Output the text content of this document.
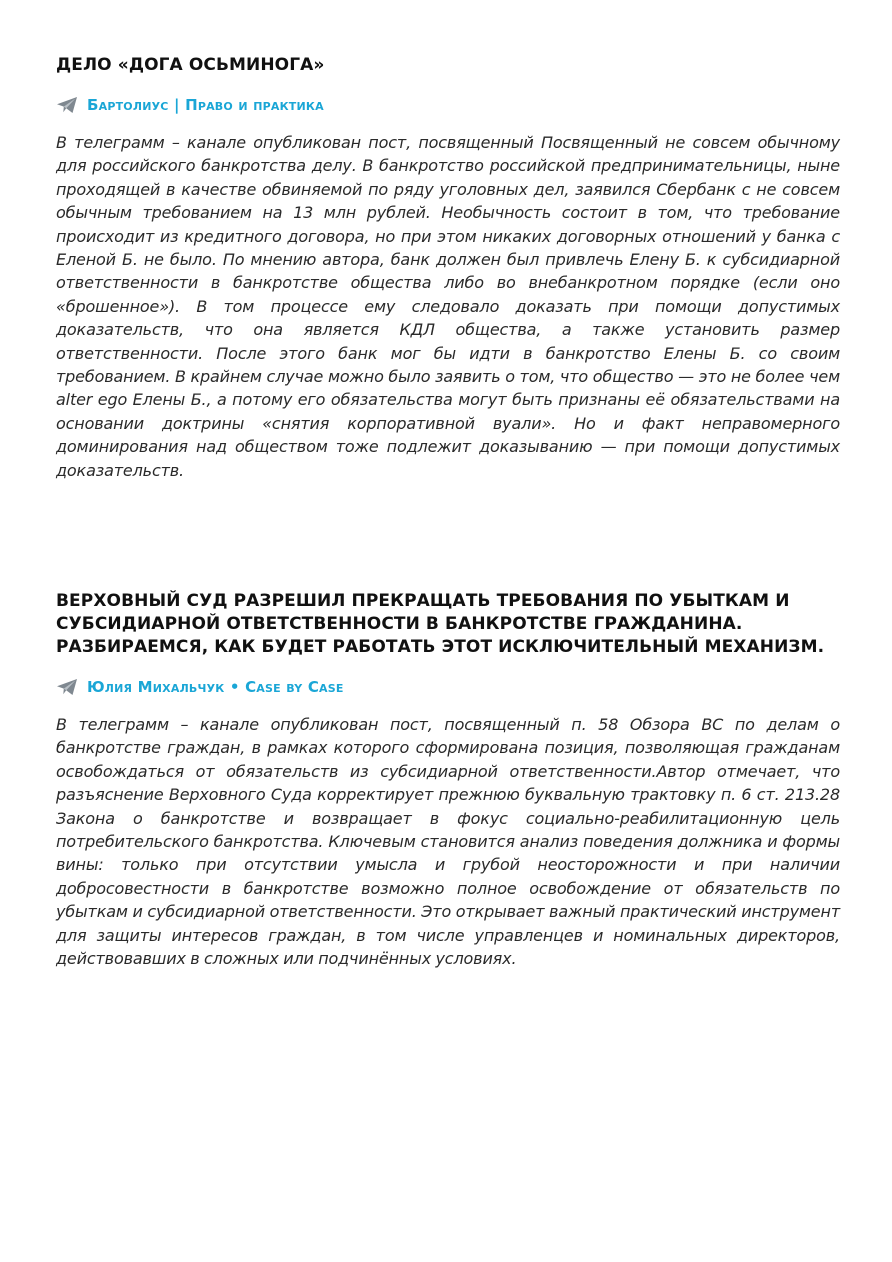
ДЕЛО «ДОГА ОСЬМИНОГА»
Бартолиус | Право и практика

В телеграмм – канале опубликован пост, посвященный Посвященный не совсем обычному для российского банкротства делу. В банкротство российской предпринимательницы, ныне проходящей в качестве обвиняемой по ряду уголовных дел, заявился Сбербанк с не совсем обычным требованием на 13 млн рублей. Необычность состоит в том, что требование происходит из кредитного договора, но при этом никаких договорных отношений у банка с Еленой Б. не было. По мнению автора, банк должен был привлечь Елену Б. к субсидиарной ответственности в банкротстве общества либо во внебанкротном порядке (если оно «брошенное»). В том процессе ему следовало доказать при помощи допустимых доказательств, что она является КДЛ общества, а также установить размер ответственности. После этого банк мог бы идти в банкротство Елены Б. со своим требованием. В крайнем случае можно было заявить о том, что общество — это не более чем alter ego Елены Б., а потому его обязательства могут быть признаны её обязательствами на основании доктрины «снятия корпоративной вуали». Но и факт неправомерного доминирования над обществом тоже подлежит доказыванию — при помощи допустимых доказательств.

ВЕРХОВНЫЙ СУД РАЗРЕШИЛ ПРЕКРАЩАТЬ ТРЕБОВАНИЯ ПО УБЫТКАМ И СУБСИДИАРНОЙ ОТВЕТСТВЕННОСТИ В БАНКРОТСТВЕ ГРАЖДАНИНА. РАЗБИРАЕМСЯ, КАК БУДЕТ РАБОТАТЬ ЭТОТ ИСКЛЮЧИТЕЛЬНЫЙ МЕХАНИЗМ.
Юлия Михальчук • Case by Case

В телеграмм – канале опубликован пост, посвященный п. 58 Обзора ВС по делам о банкротстве граждан, в рамках которого сформирована позиция, позволяющая гражданам освобождаться от обязательств из субсидиарной ответственности.Автор отмечает, что разъяснение Верховного Суда корректирует прежнюю буквальную трактовку п. 6 ст. 213.28 Закона о банкротстве и возвращает в фокус социально-реабилитационную цель потребительского банкротства. Ключевым становится анализ поведения должника и формы вины: только при отсутствии умысла и грубой неосторожности и при наличии добросовестности в банкротстве возможно полное освобождение от обязательств по убыткам и субсидиарной ответственности. Это открывает важный практический инструмент для защиты интересов граждан, в том числе управленцев и номинальных директоров, действовавших в сложных или подчинённых условиях.
